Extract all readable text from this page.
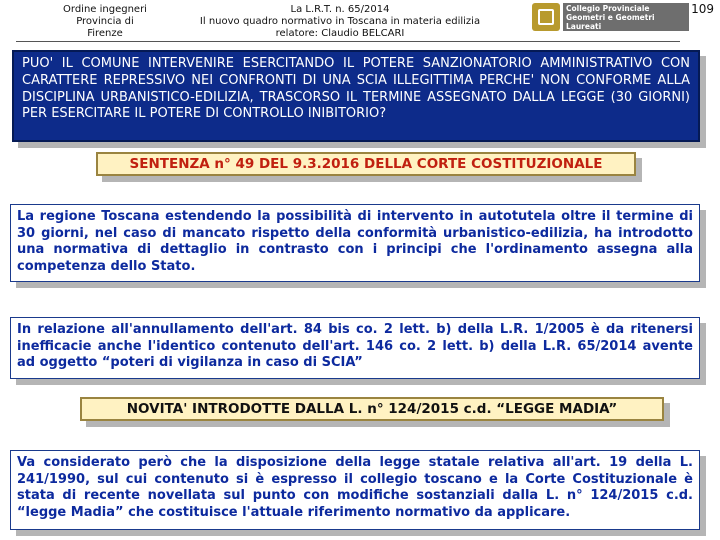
Ordine ingegneri
Provincia di
Firenze
La L.R.T. n. 65/2014
Il nuovo quadro normativo in Toscana in materia edilizia
relatore: Claudio BELCARI
Collegio Provinciale
Geometri e Geometri Laureati
di Firenze
109
PUO' IL COMUNE INTERVENIRE ESERCITANDO IL POTERE SANZIONATORIO AMMINISTRATIVO CON CARATTERE REPRESSIVO NEI CONFRONTI DI UNA SCIA ILLEGITTIMA PERCHE' NON CONFORME ALLA DISCIPLINA URBANISTICO-EDILIZIA, TRASCORSO IL TERMINE ASSEGNATO DALLA LEGGE (30 GIORNI) PER ESERCITARE IL POTERE DI CONTROLLO INIBITORIO?
SENTENZA n° 49 DEL 9.3.2016 DELLA CORTE COSTITUZIONALE
La regione Toscana estendendo la possibilità di intervento in autotutela oltre il termine di 30 giorni, nel caso di mancato rispetto della conformità urbanistico-edilizia, ha introdotto una normativa di dettaglio in contrasto con i principi che l'ordinamento assegna alla competenza dello Stato.
In relazione all'annullamento dell'art. 84 bis co. 2 lett. b) della L.R. 1/2005 è da ritenersi inefficacie anche l'identico contenuto dell'art. 146 co. 2 lett. b) della L.R. 65/2014 avente ad oggetto “poteri di vigilanza in caso di SCIA”
NOVITA' INTRODOTTE DALLA L. n° 124/2015 c.d. “LEGGE MADIA”
Va considerato però che la disposizione della legge statale relativa all'art. 19 della L. 241/1990, sul cui contenuto si è espresso il collegio toscano e la Corte Costituzionale è stata di recente novellata sul punto con modifiche sostanziali dalla L. n° 124/2015 c.d. “legge Madia” che costituisce l'attuale riferimento normativo da applicare.
